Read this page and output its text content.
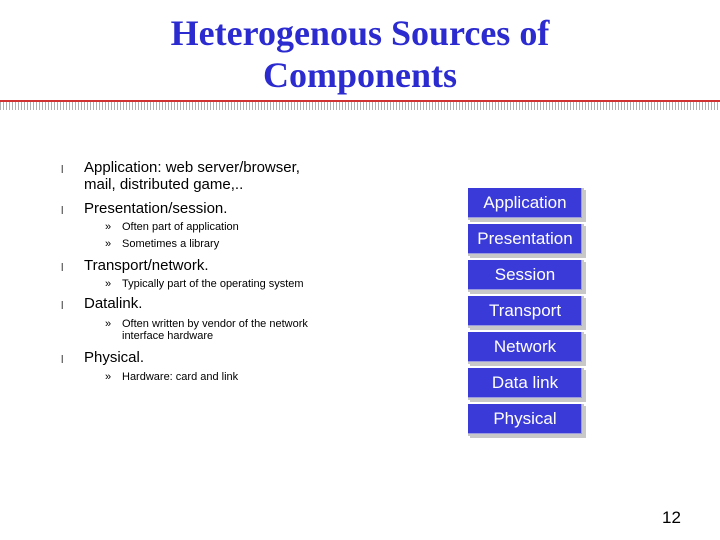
Heterogenous Sources of
Components
l Application: web server/browser,
mail, distributed game,..
l Presentation/session.
» Often part of application
» Sometimes a library
l Transport/network.
» Typically part of the operating system
l Datalink.
» Often written by vendor of the network
interface hardware
l Physical.
» Hardware: card and link
Application
Presentation
Session
Transport
Network
Data link
Physical
12
